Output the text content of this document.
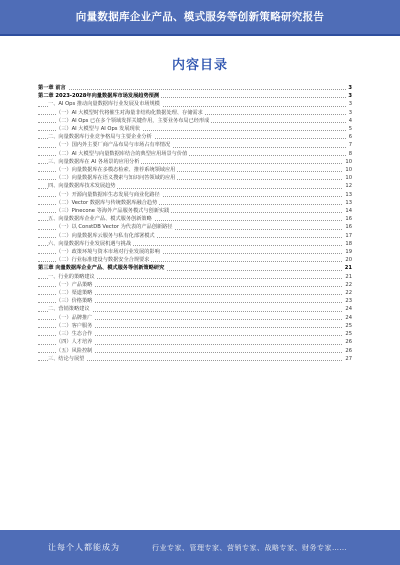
向量数据库企业产品、模式服务等创新策略研究报告
内容目录
第一章 前言	3
第二章 2023-2028年向量数据库市场发展趋势预测	3
一、AI Ops 推动向量数据库行业发展及市场规模	3
（一）AI 大模型时代将催生对海量非结构化数据处理、存储需求	3
（二）AI Ops 已在多个领域发挥关键作用，主要业务布局已经形成	4
（三）AI 大模型与 AI Ops 发展现状	5
二、向量数据库行业竞争格局与主要企业分析	6
（一）国内外主要厂商产品布局与市场占有率情况	7
（二）AI 大模型与向量数据库结合的典型应用场景与价值	8
三、向量数据库在 AI 各场景的应用分析	10
（一）向量数据库在多模态检索、推荐系统领域应用	10
（二）向量数据库在语义搜索与知识问答领域的应用	10
四、向量数据库技术发展趋势	12
（一）开源向量数据库生态发展与商业化路径	13
（二）Vector 数据库与传统数据库融合趋势	13
（三）Pinecone 等海外产品服务模式与创新实践	14
五、向量数据库企业产品、模式服务创新策略	16
（一）以 ConstDB Vector 为代表的产品创新路径	16
（二）向量数据库云服务与私有化部署模式	17
六、向量数据库行业发展机遇与挑战	18
（一）政策环境与资本市场对行业发展的影响	19
（二）行业标准建设与数据安全合规要求	20
第三章 向量数据库企业产品、模式服务等创新策略研究	21
一、行业的策略建议	21
（一）产品策略	22
（二）渠道策略	22
（三）价格策略	23
二、营销策略建议	24
（一）品牌推广	24
（二）客户服务	25
（三）生态合作	25
（四）人才培养	26
（五）风险控制	26
三、结论与展望	27
让每个人都能成为	行业专家、管理专家、营销专家、战略专家、财务专家……
